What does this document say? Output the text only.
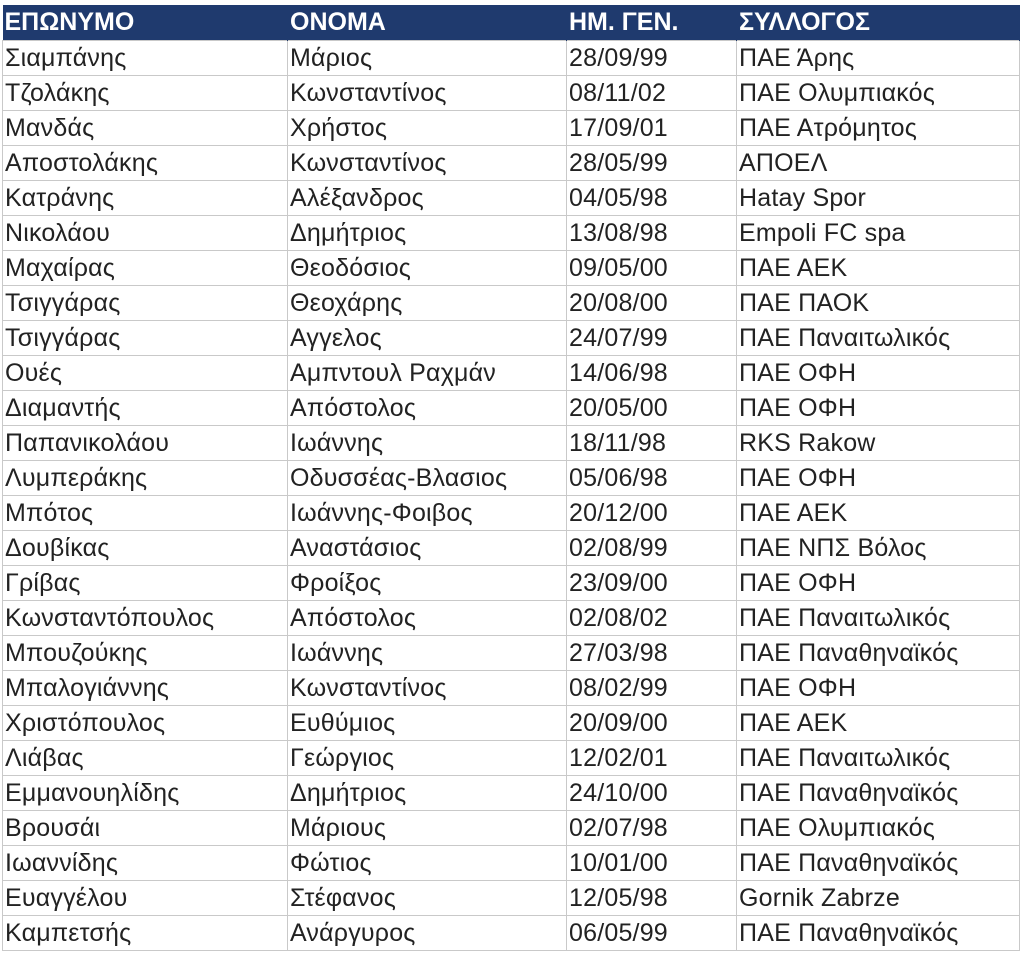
ΕΠΩΝΥΜΟ	ΟΝΟΜΑ	ΗΜ. ΓΕΝ.	ΣΥΛΛΟΓΟΣ
Σιαμπάνης	Μάριος	28/09/99	ΠΑΕ Άρης
Τζολάκης	Κωνσταντίνος	08/11/02	ΠΑΕ Ολυμπιακός
Μανδάς	Χρήστος	17/09/01	ΠΑΕ Ατρόμητος
Αποστολάκης	Κωνσταντίνος	28/05/99	ΑΠΟΕΛ
Κατράνης	Αλέξανδρος	04/05/98	Hatay Spor
Νικολάου	Δημήτριος	13/08/98	Empoli FC spa
Μαχαίρας	Θεοδόσιος	09/05/00	ΠΑΕ ΑΕΚ
Τσιγγάρας	Θεοχάρης	20/08/00	ΠΑΕ ΠΑΟΚ
Τσιγγάρας	Αγγελος	24/07/99	ΠΑΕ Παναιτωλικός
Ουές	Αμπντουλ Ραχμάν	14/06/98	ΠΑΕ ΟΦΗ
Διαμαντής	Απόστολος	20/05/00	ΠΑΕ ΟΦΗ
Παπανικολάου	Ιωάννης	18/11/98	RKS Rakow
Λυμπεράκης	Οδυσσέας-Βλασιος	05/06/98	ΠΑΕ ΟΦΗ
Μπότος	Ιωάννης-Φοιβος	20/12/00	ΠΑΕ ΑΕΚ
Δουβίκας	Αναστάσιος	02/08/99	ΠΑΕ ΝΠΣ Βόλος
Γρίβας	Φροίξος	23/09/00	ΠΑΕ ΟΦΗ
Κωνσταντόπουλος	Απόστολος	02/08/02	ΠΑΕ Παναιτωλικός
Μπουζούκης	Ιωάννης	27/03/98	ΠΑΕ Παναθηναϊκός
Μπαλογιάννης	Κωνσταντίνος	08/02/99	ΠΑΕ ΟΦΗ
Χριστόπουλος	Ευθύμιος	20/09/00	ΠΑΕ ΑΕΚ
Λιάβας	Γεώργιος	12/02/01	ΠΑΕ Παναιτωλικός
Εμμανουηλίδης	Δημήτριος	24/10/00	ΠΑΕ Παναθηναϊκός
Βρουσάι	Μάριους	02/07/98	ΠΑΕ Ολυμπιακός
Ιωαννίδης	Φώτιος	10/01/00	ΠΑΕ Παναθηναϊκός
Ευαγγέλου	Στέφανος	12/05/98	Gornik Zabrze
Καμπετσής	Ανάργυρος	06/05/99	ΠΑΕ Παναθηναϊκός
